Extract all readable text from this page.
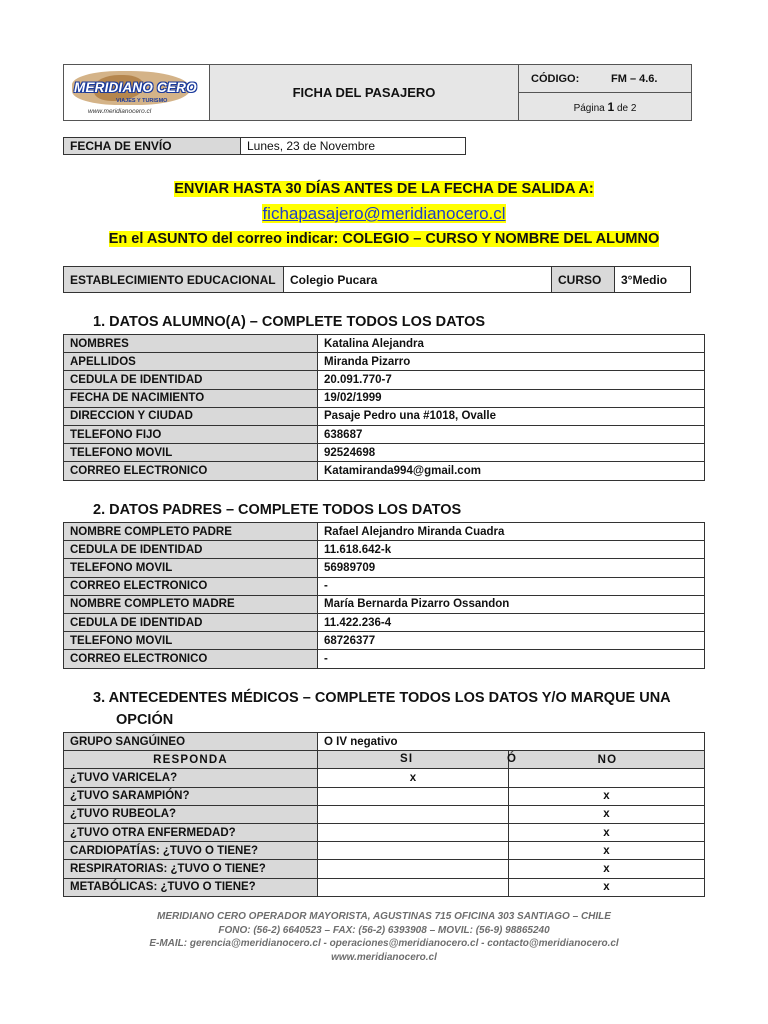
MERIDIANO CERO
VIAJES Y TURISMO
www.meridianocero.cl
	FICHA DEL PASAJERO	CÓDIGO:	FM – 4.6.
Página 1 de 2
FECHA DE ENVÍO	Lunes, 23 de Novembre
ENVIAR HASTA 30 DÍAS ANTES DE LA FECHA DE SALIDA A:
fichapasajero@meridianocero.cl
En el ASUNTO del correo indicar: COLEGIO – CURSO Y NOMBRE DEL ALUMNO
ESTABLECIMIENTO EDUCACIONAL	Colegio Pucara	CURSO	3°Medio
1. DATOS ALUMNO(A) – COMPLETE TODOS LOS DATOS
NOMBRES	Katalina Alejandra
APELLIDOS	Miranda Pizarro
CEDULA DE IDENTIDAD	20.091.770-7
FECHA DE NACIMIENTO	19/02/1999
DIRECCION Y CIUDAD	Pasaje Pedro una #1018, Ovalle
TELEFONO FIJO	638687
TELEFONO MOVIL	92524698
CORREO ELECTRONICO	Katamiranda994@gmail.com
2. DATOS PADRES – COMPLETE TODOS LOS DATOS
NOMBRE COMPLETO PADRE	Rafael Alejandro Miranda Cuadra
CEDULA DE IDENTIDAD	11.618.642-k
TELEFONO MOVIL	56989709
CORREO ELECTRONICO	-
NOMBRE COMPLETO MADRE	María Bernarda Pizarro Ossandon
CEDULA DE IDENTIDAD	11.422.236-4
TELEFONO MOVIL	68726377
CORREO ELECTRONICO	-
3. ANTECEDENTES MÉDICOS – COMPLETE TODOS LOS DATOS Y/O MARQUE UNA
OPCIÓN
GRUPO SANGÚINEO	O IV negativo	
RESPONDA	SI Ó	NO
¿TUVO VARICELA?	x	
¿TUVO SARAMPIÓN?		x
¿TUVO RUBEOLA?		x
¿TUVO OTRA ENFERMEDAD?		x
CARDIOPATÍAS: ¿TUVO O TIENE?		x
RESPIRATORIAS: ¿TUVO O TIENE?		x
METABÓLICAS: ¿TUVO O TIENE?		x
MERIDIANO CERO OPERADOR MAYORISTA, AGUSTINAS 715 OFICINA 303 SANTIAGO – CHILE
FONO: (56-2) 6640523 – FAX: (56-2) 6393908 – MOVIL: (56-9) 98865240
E-MAIL: gerencia@meridianocero.cl - operaciones@meridianocero.cl - contacto@meridianocero.cl
www.meridianocero.cl
